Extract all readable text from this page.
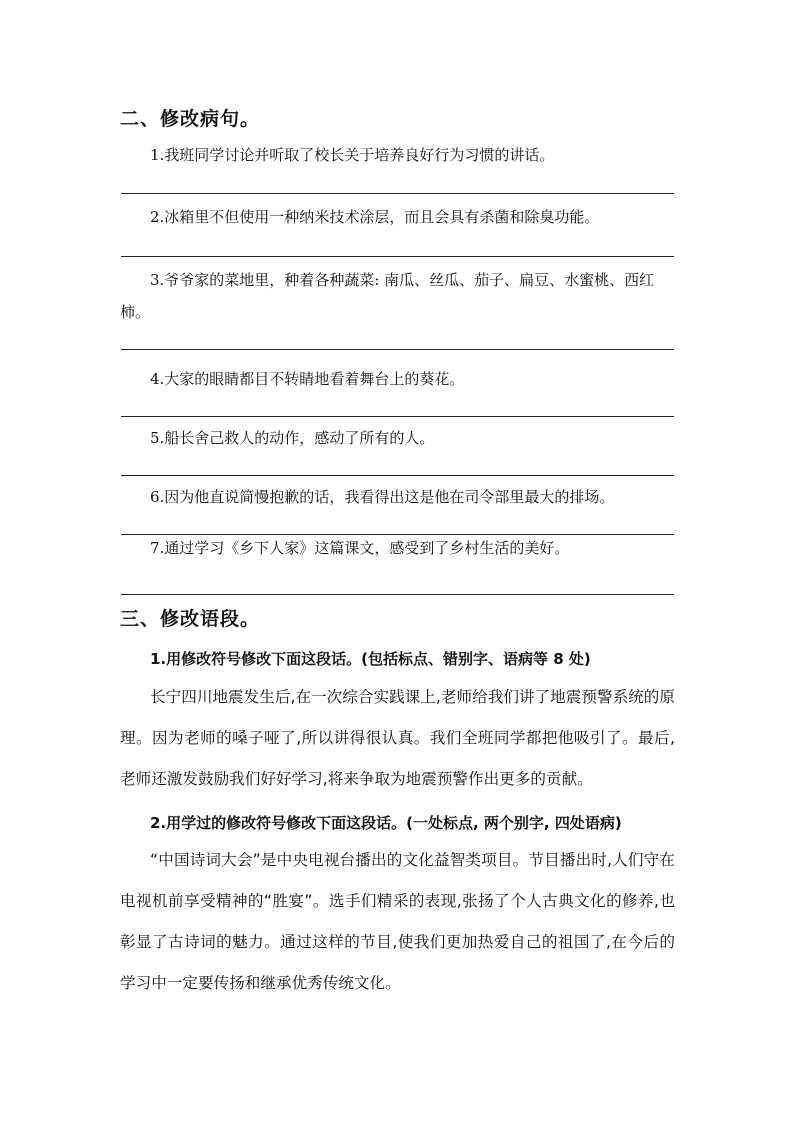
二、修改病句。

1.我班同学讨论并听取了校长关于培养良好行为习惯的讲话。

2.冰箱里不但使用一种纳米技术涂层，而且会具有杀菌和除臭功能。

3.爷爷家的菜地里，种着各种蔬菜: 南瓜、丝瓜、茄子、扁豆、水蜜桃、西红柿。

4.大家的眼睛都目不转睛地看着舞台上的葵花。

5.船长舍己救人的动作，感动了所有的人。

6.因为他直说简慢抱歉的话，我看得出这是他在司令部里最大的排场。

7.通过学习《乡下人家》这篇课文，感受到了乡村生活的美好。

三、修改语段。

1.用修改符号修改下面这段话。(包括标点、错别字、语病等 8 处)

长宁四川地震发生后,在一次综合实践课上,老师给我们讲了地震预警系统的原理。因为老师的嗓子哑了,所以讲得很认真。我们全班同学都把他吸引了。最后,老师还激发鼓励我们好好学习,将来争取为地震预警作出更多的贡献。

2.用学过的修改符号修改下面这段话。(一处标点, 两个别字, 四处语病)

“中国诗词大会”是中央电视台播出的文化益智类项目。节目播出时,人们守在电视机前享受精神的“胜宴”。选手们精采的表现,张扬了个人古典文化的修养,也彰显了古诗词的魅力。通过这样的节目,使我们更加热爱自己的祖国了,在今后的学习中一定要传扬和继承优秀传统文化。
